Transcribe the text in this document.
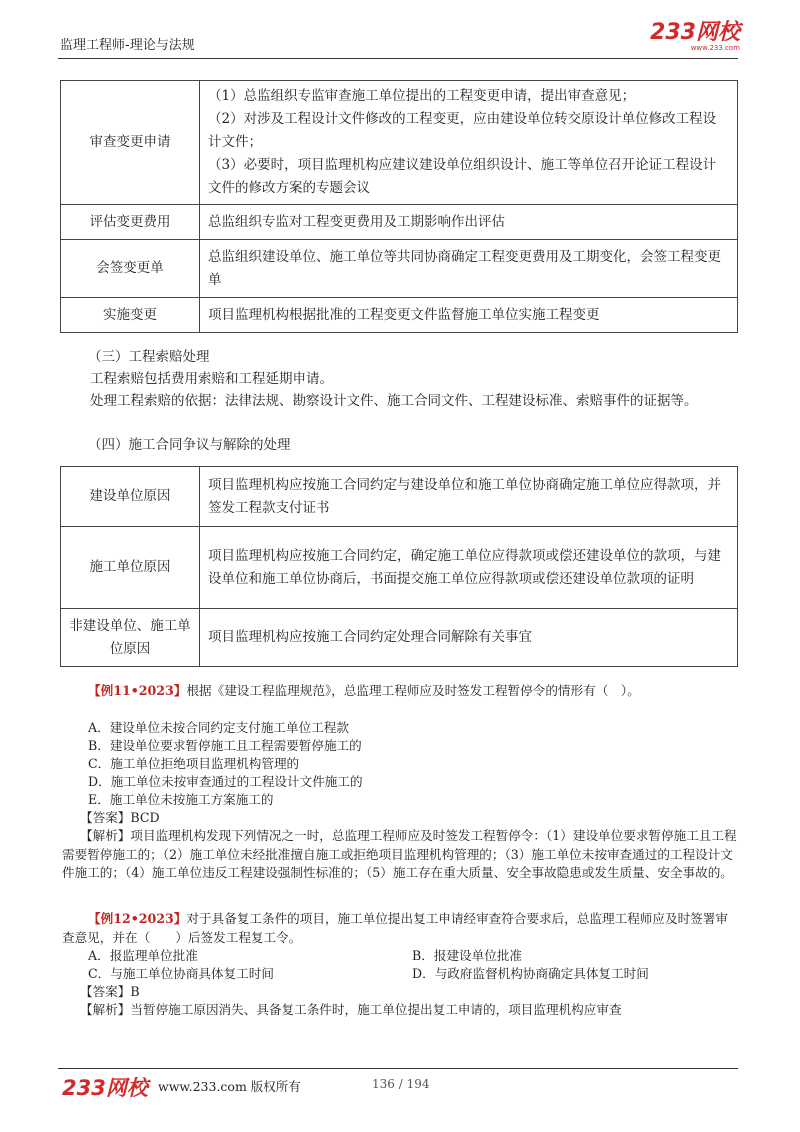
监理工程师-理论与法规
233网校
www.233.com
审查变更申请	（1）总监组织专监审查施工单位提出的工程变更申请，提出审查意见；
（2）对涉及工程设计文件修改的工程变更，应由建设单位转交原设计单位修改工程设计文件；
（3）必要时，项目监理机构应建议建设单位组织设计、施工等单位召开论证工程设计文件的修改方案的专题会议

评估变更费用	总监组织专监对工程变更费用及工期影响作出评估
会签变更单	总监组织建设单位、施工单位等共同协商确定工程变更费用及工期变化，会签工程变更单
实施变更	项目监理机构根据批准的工程变更文件监督施工单位实施工程变更
（三）工程索赔处理
工程索赔包括费用索赔和工程延期申请。
处理工程索赔的依据：法律法规、勘察设计文件、施工合同文件、工程建设标准、索赔事件的证据等。
（四）施工合同争议与解除的处理
建设单位原因	项目监理机构应按施工合同约定与建设单位和施工单位协商确定施工单位应得款项，并签发工程款支付证书
施工单位原因	项目监理机构应按施工合同约定，确定施工单位应得款项或偿还建设单位的款项，与建设单位和施工单位协商后，书面提交施工单位应得款项或偿还建设单位款项的证明
非建设单位、施工单位原因	项目监理机构应按施工合同约定处理合同解除有关事宜
【例11•2023】根据《建设工程监理规范》，总监理工程师应及时签发工程暂停令的情形有（　）。
A．建设单位未按合同约定支付施工单位工程款
B．建设单位要求暂停施工且工程需要暂停施工的
C．施工单位拒绝项目监理机构管理的
D．施工单位未按审查通过的工程设计文件施工的
E．施工单位未按施工方案施工的
【答案】BCD
【解析】项目监理机构发现下列情况之一时，总监理工程师应及时签发工程暂停令：（1）建设单位要求暂停施工且工程需要暂停施工的；（2）施工单位未经批准擅自施工或拒绝项目监理机构管理的；（3）施工单位未按审查通过的工程设计文件施工的；（4）施工单位违反工程建设强制性标准的；（5）施工存在重大质量、安全事故隐患或发生质量、安全事故的。
【例12•2023】对于具备复工条件的项目，施工单位提出复工申请经审查符合要求后，总监理工程师应及时签署审查意见，并在（　　）后签发工程复工令。
A．报监理单位批准	B．报建设单位批准
C．与施工单位协商具体复工时间	D．与政府监督机构协商确定具体复工时间
【答案】B
【解析】当暂停施工原因消失、具备复工条件时，施工单位提出复工申请的，项目监理机构应审查
233网校 www.233.com 版权所有	136 / 194
